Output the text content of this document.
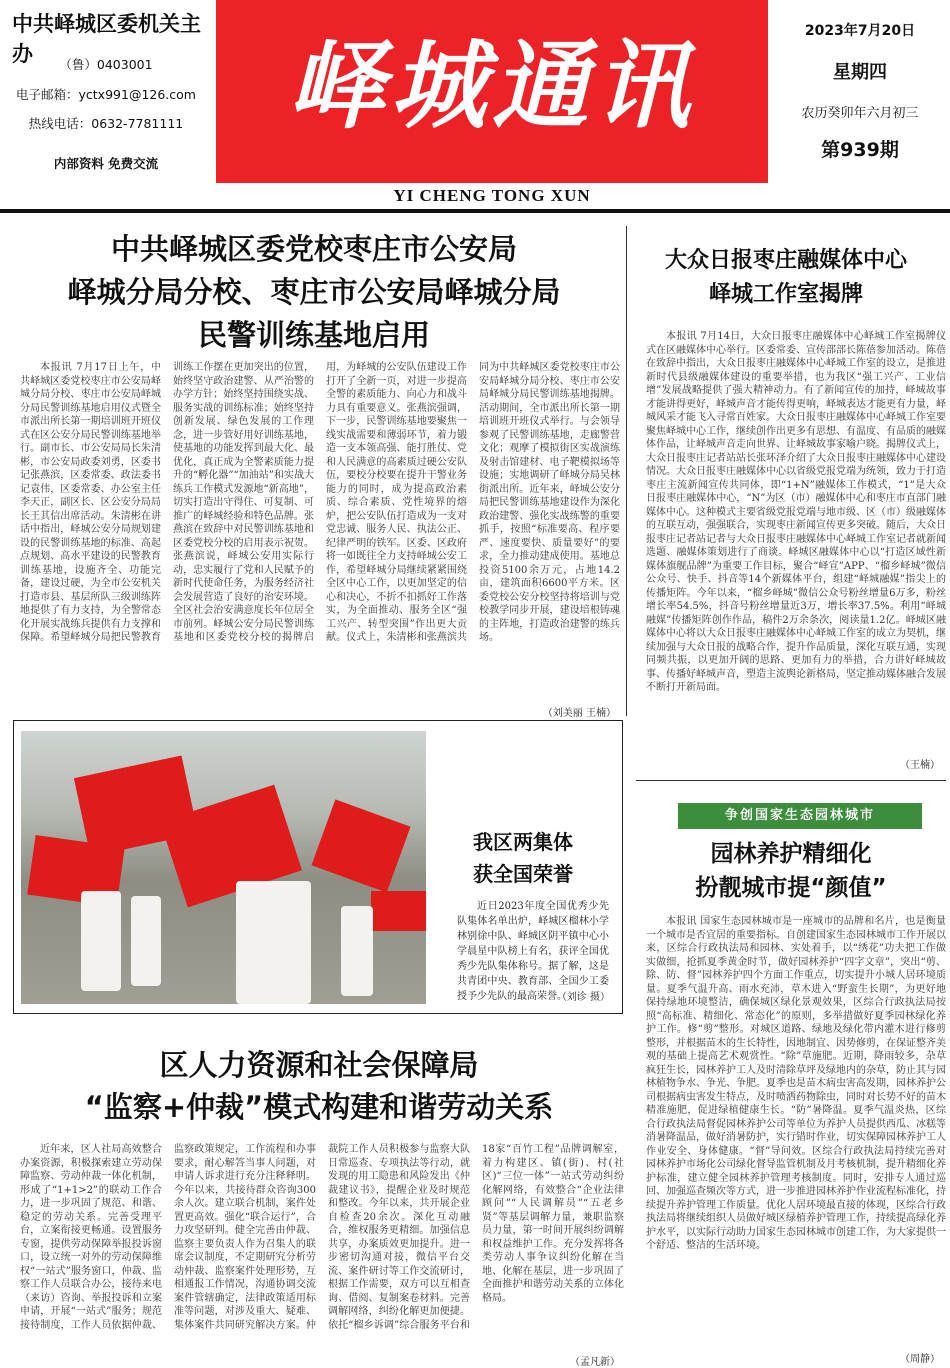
中共峄城区委机关主办	（鲁）0403001
电子邮箱：yctx991@126.com
热线电话：0632-7781111
内部资料 免费交流
峄城通讯	2023年7月20日
星期四
农历癸卯年六月初三
第939期
YI CHENG TONG XUN
中共峄城区委党校枣庄市公安局
峄城分局分校、枣庄市公安局峄城分局
民警训练基地启用

本报讯 7月17日上午，中共峄城区委党校枣庄市公安局峄城分局分校、枣庄市公安局峄城分局民警训练基地启用仪式暨全市派出所长第一期培训班开班仪式在区公安分局民警训练基地举行。副市长、市公安局局长朱清彬，市公安局政委刘勇，区委书记张燕滨，区委常委、政法委书记袁伟，区委常委、办公室主任李天正，副区长、区公安分局局长王其信出席活动。朱清彬在讲话中指出，峄城公安分局规划建设的民警训练基地的标准、高起点规划、高水平建设的民警教育训练基地，设施齐全、功能完备，建设过硬，为全市公安机关打造市县、基层所队三级训练阵地提供了有力支持，为全警常态化开展实战练兵提供有力支撑和保障。希望峄城分局把民警教育训练工作摆在更加突出的位置，始终坚守政治建警、从严治警的办学方针；始终坚持围绕实战、服务实战的训练标准；始终坚持创新发展、绿色发展的工作理念，进一步管好用好训练基地，使基地的功能发挥到最大化、最优化，真正成为全警素质能力提升的“孵化器”“加油站”和实战大练兵工作模式发源地“新高地”，切实打造出守得住、可复制、可推广的峄城经验和特色品牌。张燕滨在致辞中对民警训练基地和区委党校分校的启用表示祝贺。张燕滨说，峄城公安用实际行动，忠实履行了党和人民赋予的新时代使命任务，为服务经济社会发展营造了良好的治安环境。全区社会治安满意度长年位居全市前列。峄城公安分局民警训练基地和区委党校分校的揭牌启用，为峄城的公安队伍建设工作打开了全新一页，对进一步提高全警的素质能力、向心力和战斗力具有重要意义。张燕滨强调，下一步，民警训练基地要聚焦一线实战需要和薄弱环节，着力锻造一支本领高强、能打胜仗、党和人民满意的高素质过硬公安队伍，要校分校要在提升干警业务能力的同时，成为提高政治素质、综合素质、党性境界的熔炉，把公安队伍打造成为一支对党忠诚、服务人民、执法公正、纪律严明的铁军。区委、区政府将一如既往全力支持峄城公安工作，希望峄城分局继续紧紧围绕全区中心工作，以更加坚定的信心和决心，不折不扣抓好工作落实，为全面推动、服务全区“强工兴产、转型突围”作出更大贡献。仪式上，朱清彬和张燕滨共同为中共峄城区委党校枣庄市公安局峄城分局分校、枣庄市公安局峄城分局民警训练基地揭牌。活动期间，全市派出所长第一期培训班开班仪式举行。与会领导参观了民警训练基地，走廊警营文化；观摩了模拟街区实战演练及射击馆建材、电子靶模拟场等设施；实地调研了峄城分局吴林街派出所。近年来，峄城公安分局把民警训练基地建设作为深化政治建警、强化实战练警的重要抓手，按照“标准要高、程序要严、速度要快、质量要好”的要求，全力推动建成使用。基地总投资5100余万元，占地14.2亩，建筑面积6600平方米。区委党校公安分校坚持将培训与党校教学同步开展，建设培根铸魂的主阵地，打造政治建警的练兵场。

（刘美丽 王楠）
我区两集体
获全国荣誉
近日2023年度全国优秀少先队集体名单出炉，峄城区榴林小学林别徐中队、峄城区阴平镇中心小学晨星中队榜上有名，获评全国优秀少先队集体称号。据了解，这是共青团中央、教育部、全国少工委授予少先队的最高荣誉。
（刘诊 摄）
区人力资源和社会保障局
“监察+仲裁”模式构建和谐劳动关系

近年来，区人社局高效整合办案资源，积极探索建立劳动保障监察、劳动仲裁一体化机制，形成了“1+1>2”的联动工作合力，进一步巩固了规范、和谐、稳定的劳动关系。完善受理平台，立案衔接更畅通。设置服务专窗，提供劳动保障举报投诉窗口，设立统一对外的劳动保障维权“一站式”服务窗口，仲裁、监察工作人员联合办公，接待来电（来访）咨询、举报投诉和立案申请，开展“一站式”服务；规范接待制度，工作人员依据仲裁、监察政策规定，工作流程和办事要求，耐心解答当事人问题，对申请人诉求进行充分注释释明。今年以来，共接待群众咨询300余人次。建立联合机制，案件处置更高效。强化“联合运行”，合力攻坚研判。健全完善由仲裁、监察主要负责人作为召集人的联席会议制度，不定期研究分析劳动仲裁、监察案件处理形势，互相通报工作情况，沟通协调交流案件管辖确定，法律政策适用标准等问题，对涉及重大、疑难、集体案件共同研究解决方案。仲裁院工作人员积极参与监察大队日常巡查、专项执法等行动，就发现的用工隐患和风险发出《仲裁建议书》，提醒企业及时规范和整改。今年以来，共开展企业自检查20余次。深化互动融合，维权服务更精细。加强信息共享，办案质效更加提升。进一步密切沟通对接，微信平台交流、案件研讨等工作交流研讨，根据工作需要，双方可以互相查询、借阅、复制案卷材料。完善调解网络，纠纷化解更加便捷。依托“榴乡诉调”综合服务平台和18家“百竹工程”品牌调解室，着力构建区、镇(街)、村(社区)“三位一体”一站式劳动纠纷化解网络，有效整合“企业法律顾问”“人民调解员”“五老乡贤”等基层调解力量，兼职监察员力量，第一时间开展纠纷调解和权益维护工作。充分发挥将各类劳动人事争议纠纷化解在当地、化解在基层，进一步巩固了全面推护和谐劳动关系的立体化格局。

（孟凡新）
大众日报枣庄融媒体中心
峄城工作室揭牌

本报讯 7月14日，大众日报枣庄融媒体中心峄城工作室揭牌仪式在区融媒体中心举行。区委常委、宣传部部长陈蓓参加活动。陈蓓在致辞中指出，大众日报枣庄融媒体中心峄城工作室的设立，是推进新时代县级融媒体建设的重要举措，也为我区“强工兴产、工业信增”发展战略提供了强大精神动力。有了新闻宣传的加持，峄城故事才能讲得更好，峄城声音才能传得更响，峄城表达才能更有力量，峄城风采才能飞入寻常百姓家。大众日报枣庄融媒体中心峄城工作室要聚焦峄城中心工作，继续创作出更多有思想、有温度、有品质的融媒体作品，让峄城声音走向世界、让峄城故事家喻户晓。揭牌仪式上，大众日报枣庄记者站站长张环泽介绍了大众日报枣庄融媒体中心建设情况。大众日报枣庄融媒体中心以省级党报党端为统领，致力于打造枣庄主流新闻宣传共同体，即“1+N”融媒体工作模式，“1”是大众日报枣庄融媒体中心，“N”为区（市）融媒体中心和枣庄市直部门融媒体中心。这种模式主要省级党报党端与地市级、区（市）级融媒体的互联互动，强强联合，实现枣庄新闻宣传更多突破。随后，大众日报枣庄记者站记者与大众日报枣庄融媒体中心峄城工作室记者就新闻选题、融媒体策划进行了商谈。峄城区融媒体中心以“打造区域性新媒体旗舰品牌”为重要工作目标，聚合“峄宣”APP、“榴乡峄城”微信公众号、快手、抖音等14个新媒体平台，组建“峄城融媒”指尖上的传播矩阵。今年以来，“榴乡峄城”微信公众号粉丝增量6万多，粉丝增长率54.5%，抖音号粉丝增量近3万，增长率37.5%。利用“峄城融媒”传播矩阵创作作品，稿件2万余条次，阅读量1.2亿。峄城区融媒体中心将以大众日报枣庄融媒体中心峄城工作室的成立为契机，继续加强与大众日报的战略合作，提升作品质量，深化互联互通，实现同频共振，以更加开阔的思路、更加有力的举措，合力讲好峄城故事、传播好峄城声音，塑造主流舆论新格局，坚定推动媒体融合发展不断打开新局面。

（王楠）
争创国家生态园林城市
园林养护精细化
扮靓城市提“颜值”

本报讯 国家生态园林城市是一座城市的品牌和名片，也是衡量一个城市是否宜居的重要指标。自创建国家生态园林城市工作开展以来，区综合行政执法局和园林、实处着手，以“绣花”功夫把工作做实做细，抢抓夏季黄金时节，做好园林养护“四字文章”，突出“剪、除、防、督”园林养护四个方面工作重点，切实提升小城人居环境质量。夏季气温升高、雨水充沛，草木进入“野蛮生长期”，为更好地保持绿地环境整洁，确保城区绿化景观效果，区综合行政执法局按照“高标准、精细化、常态化”的原则，多举措做好夏季园林绿化养护工作。修“剪”整形。对城区道路、绿地及绿化带内灌木进行修剪整形，并根据苗木的生长特性，因地制宜、因势修剪，在保证整齐美观的基础上提高艺术观赏性。“除”草施肥。近期，降雨较多，杂草疯狂生长，园林养护工人及时清除草坪及绿地内的杂草，防止其与园林植物争水、争光、争肥。夏季也是苗木病虫害高发期，园林养护公司根据病虫害发生特点，及时喷洒药物除虫，同时对长势不好的苗木精准施肥，促进绿植健康生长。“防”暑降温。夏季气温炎热，区综合行政执法局督促园林养护公司等单位为养护人员提供西瓜、冰糕等消暑降温品，做好消暑防护，实行错时作业，切实保障园林养护工人作业安全、身体健康。“督”导问效。区综合行政执法局持续完善对园林养护市场化公司绿化督导监管机制及月考核机制，提升精细化养护标准，建立健全园林养护管理考核制度。同时，安排专人通过巡回、加强巡查频次等方式，进一步推进园林养护作业流程标准化，持续提升养护管理工作质量。优化人居环境最直接的体现，区综合行政执法局将继续组织人员做好城区绿植养护管理工作，持续提高绿化养护水平，以实际行动助力国家生态园林城市创建工作，为大家提供一个舒适、整洁的生活环境。

（周静）
